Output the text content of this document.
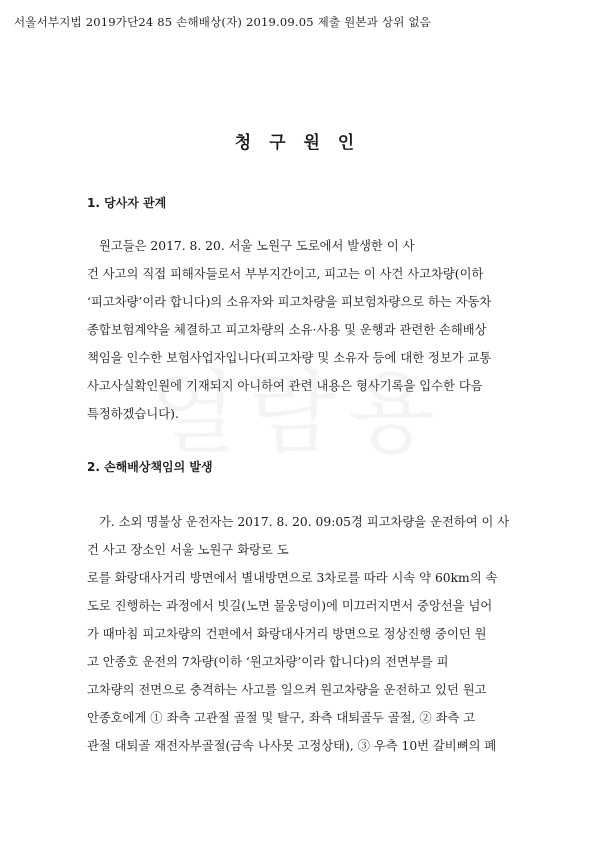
서울서부지법 2019가단24 85 손해배상(자) 2019.09.05 제출 원본과 상위 없음
청 구 원 인
1. 당사자 관계
원고들은 2017. 8. 20. 서울 노원구 도로에서 발생한 이 사
건 사고의 직접 피해자들로서 부부지간이고, 피고는 이 사건 사고차량(이하
‘피고차량’이라 합니다)의 소유자와 피고차량을 피보험차량으로 하는 자동차
종합보험계약을 체결하고 피고차량의 소유·사용 및 운행과 관련한 손해배상
책임을 인수한 보험사업자입니다(피고차량 및 소유자 등에 대한 정보가 교통
사고사실확인원에 기재되지 아니하여 관련 내용은 형사기록을 입수한 다음
특정하겠습니다).
2. 손해배상책임의 발생
가. 소외 명불상 운전자는 2017. 8. 20. 09:05경 피고차량을 운전하여 이 사
건 사고 장소인 서울 노원구 화랑로 도
로를 화랑대사거리 방면에서 별내방면으로 3차로를 따라 시속 약 60km의 속
도로 진행하는 과정에서 빗길(노면 물웅덩이)에 미끄러지면서 중앙선을 넘어
가 때마침 피고차량의 건편에서 화랑대사거리 방면으로 정상진행 중이던 원
고 안종호 운전의 7차량(이하 ‘원고차량’이라 합니다)의 전면부를 피
고차량의 전면으로 충격하는 사고를 일으켜 원고차량을 운전하고 있던 원고
안종호에게 ① 좌측 고관절 골절 및 탈구, 좌측 대퇴골두 골절, ② 좌측 고
관절 대퇴골 재전자부골절(금속 나사못 고정상태), ③ 우측 10번 갈비뼈의 폐
